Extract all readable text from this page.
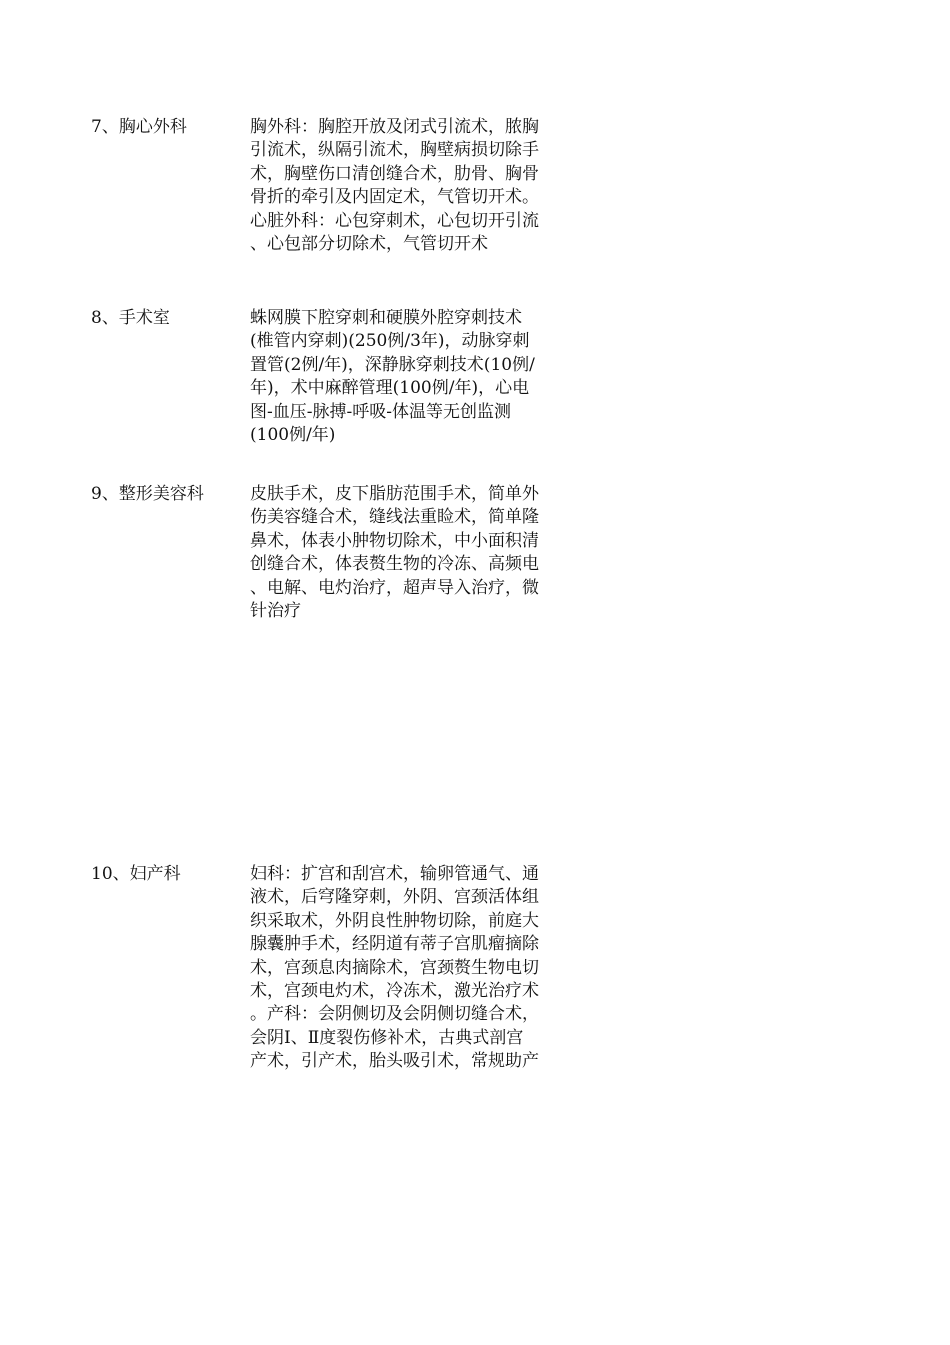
7、胸心外科	胸外科：胸腔开放及闭式引流术，脓胸
引流术，纵隔引流术，胸壁病损切除手
术，胸壁伤口清创缝合术，肋骨、胸骨
骨折的牵引及内固定术，气管切开术。
心脏外科：心包穿刺术，心包切开引流
、心包部分切除术，气管切开术
8、手术室	蛛网膜下腔穿刺和硬膜外腔穿刺技术
(椎管内穿刺)(250例/3年)，动脉穿刺
置管(2例/年)，深静脉穿刺技术(10例/
年)，术中麻醉管理(100例/年)，心电
图-血压-脉搏-呼吸-体温等无创监测
(100例/年)
9、整形美容科	皮肤手术，皮下脂肪范围手术，简单外
伤美容缝合术，缝线法重睑术，简单隆
鼻术，体表小肿物切除术，中小面积清
创缝合术，体表赘生物的冷冻、高频电
、电解、电灼治疗，超声导入治疗，微
针治疗
10、妇产科	妇科：扩宫和刮宫术，输卵管通气、通
液术，后穹隆穿刺，外阴、宫颈活体组
织采取术，外阴良性肿物切除，前庭大
腺囊肿手术，经阴道有蒂子宫肌瘤摘除
术，宫颈息肉摘除术，宫颈赘生物电切
术，宫颈电灼术，冷冻术，激光治疗术
。产科：会阴侧切及会阴侧切缝合术，
会阴Ⅰ、Ⅱ度裂伤修补术，古典式剖宫
产术，引产术，胎头吸引术，常规助产
